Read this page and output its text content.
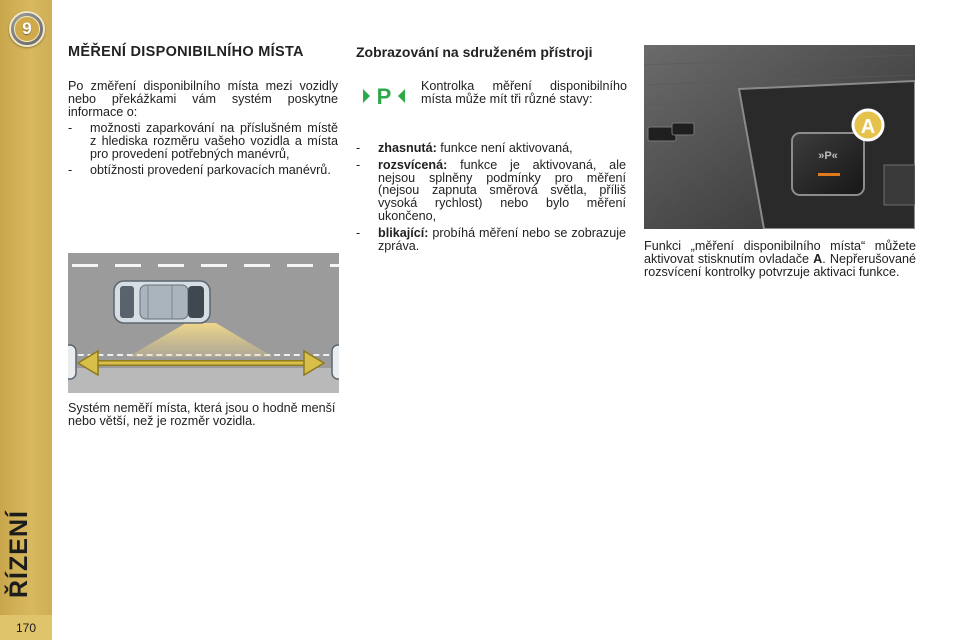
9
ŘÍZENÍ
170
MĚŘENÍ DISPONIBILNÍHO MÍSTA

Po změření disponibilního místa mezi vozidly nebo překážkami vám systém poskytne informace o:

- možnosti zaparkování na příslušném místě z hlediska rozměru vašeho vozidla a místa pro provedení potřebných manévrů,
- obtížnosti provedení parkovacích manévrů.

Systém neměří místa, která jsou o hodně menší nebo větší, než je rozměr vozidla.

Zobrazování na sdruženém přístroji
P Kontrolka měření disponibilního místa může mít tři různé stavy:

- zhasnutá: funkce není aktivovaná,
- rozsvícená: funkce je aktivovaná, ale nejsou splněny podmínky pro měření (nejsou zapnuta směrová světla, příliš vysoká rychlost) nebo bylo měření ukončeno,
- blikající: probíhá měření nebo se zobrazuje zpráva.
»P«
A

Funkci „měření disponibilního místa“ můžete aktivovat stisknutím ovladače A. Nepřerušované rozsvícení kontrolky potvrzuje aktivaci funkce.
